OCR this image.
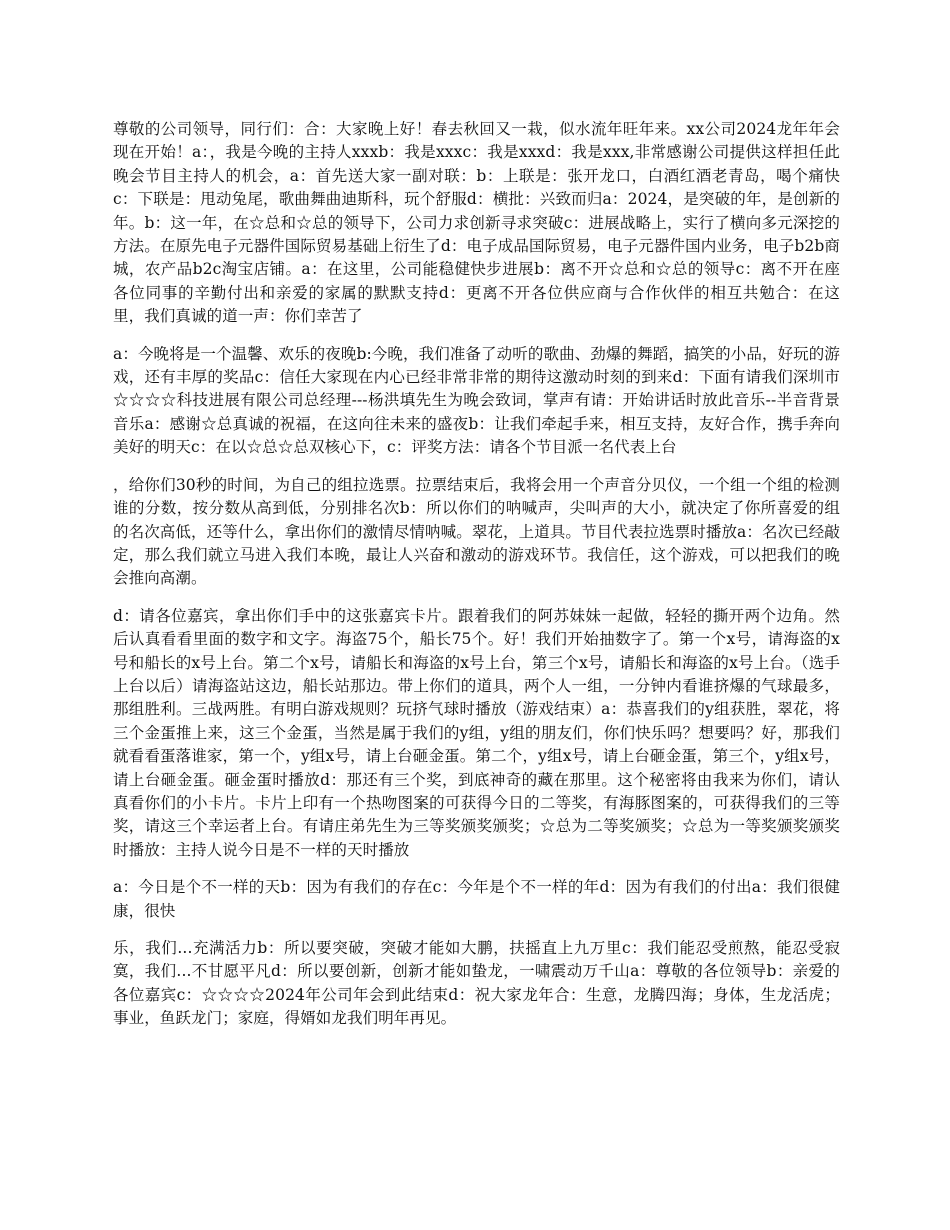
尊敬的公司领导，同行们：合：大家晚上好！春去秋回又一栽，似水流年旺年来。xx公司2024龙年年会现在开始！a：，我是今晚的主持人xxxb：我是xxxc：我是xxxd：我是xxx,非常感谢公司提供这样担任此晚会节目主持人的机会，a：首先送大家一副对联：b：上联是：张开龙口，白酒红酒老青岛，喝个痛快c：下联是：甩动兔尾，歌曲舞曲迪斯科，玩个舒服d：横批：兴致而归a：2024，是突破的年，是创新的年。b：这一年，在☆总和☆总的领导下，公司力求创新寻求突破c：进展战略上，实行了横向多元深挖的方法。在原先电子元器件国际贸易基础上衍生了d：电子成品国际贸易，电子元器件国内业务，电子b2b商城，农产品b2c淘宝店铺。a：在这里，公司能稳健快步进展b：离不开☆总和☆总的领导c：离不开在座各位同事的辛勤付出和亲爱的家属的默默支持d：更离不开各位供应商与合作伙伴的相互共勉合：在这里，我们真诚的道一声：你们幸苦了

a：今晚将是一个温馨、欢乐的夜晚b:今晚，我们准备了动听的歌曲、劲爆的舞蹈，搞笑的小品，好玩的游戏，还有丰厚的奖品c：信任大家现在内心已经非常非常的期待这激动时刻的到来d：下面有请我们深圳市☆☆☆☆科技进展有限公司总经理---杨洪填先生为晚会致词，掌声有请：开始讲话时放此音乐--半音背景音乐a：感谢☆总真诚的祝福，在这向往未来的盛夜b：让我们牵起手来，相互支持，友好合作，携手奔向美好的明天c：在以☆总☆总双核心下，c：评奖方法：请各个节目派一名代表上台

，给你们30秒的时间，为自己的组拉选票。拉票结束后，我将会用一个声音分贝仪，一个组一个组的检测谁的分数，按分数从高到低，分别排名次b：所以你们的呐喊声，尖叫声的大小，就决定了你所喜爱的组的名次高低，还等什么，拿出你们的激情尽情呐喊。翠花，上道具。节目代表拉选票时播放a：名次已经敲定，那么我们就立马进入我们本晚，最让人兴奋和激动的游戏环节。我信任，这个游戏，可以把我们的晚会推向高潮。

d：请各位嘉宾，拿出你们手中的这张嘉宾卡片。跟着我们的阿苏妹妹一起做，轻轻的撕开两个边角。然后认真看看里面的数字和文字。海盗75个，船长75个。好！我们开始抽数字了。第一个x号，请海盗的x号和船长的x号上台。第二个x号，请船长和海盗的x号上台，第三个x号，请船长和海盗的x号上台。（选手上台以后）请海盗站这边，船长站那边。带上你们的道具，两个人一组，一分钟内看谁挤爆的气球最多，那组胜利。三战两胜。有明白游戏规则？玩挤气球时播放（游戏结束）a：恭喜我们的y组获胜，翠花，将三个金蛋推上来，这三个金蛋，当然是属于我们的y组，y组的朋友们，你们快乐吗？想要吗？好，那我们就看看蛋落谁家，第一个，y组x号，请上台砸金蛋。第二个，y组x号，请上台砸金蛋，第三个，y组x号，请上台砸金蛋。砸金蛋时播放d：那还有三个奖，到底神奇的藏在那里。这个秘密将由我来为你们，请认真看你们的小卡片。卡片上印有一个热吻图案的可获得今日的二等奖，有海豚图案的，可获得我们的三等奖，请这三个幸运者上台。有请庄弟先生为三等奖颁奖颁奖；☆总为二等奖颁奖；☆总为一等奖颁奖颁奖时播放：主持人说今日是不一样的天时播放

a：今日是个不一样的天b：因为有我们的存在c：今年是个不一样的年d：因为有我们的付出a：我们很健康，很快

乐，我们...充满活力b：所以要突破，突破才能如大鹏，扶摇直上九万里c：我们能忍受煎熬，能忍受寂寞，我们...不甘愿平凡d：所以要创新，创新才能如蛰龙，一啸震动万千山a：尊敬的各位领导b：亲爱的各位嘉宾c：☆☆☆☆2024年公司年会到此结束d：祝大家龙年合：生意，龙腾四海；身体，生龙活虎；事业，鱼跃龙门；家庭，得婿如龙我们明年再见。
